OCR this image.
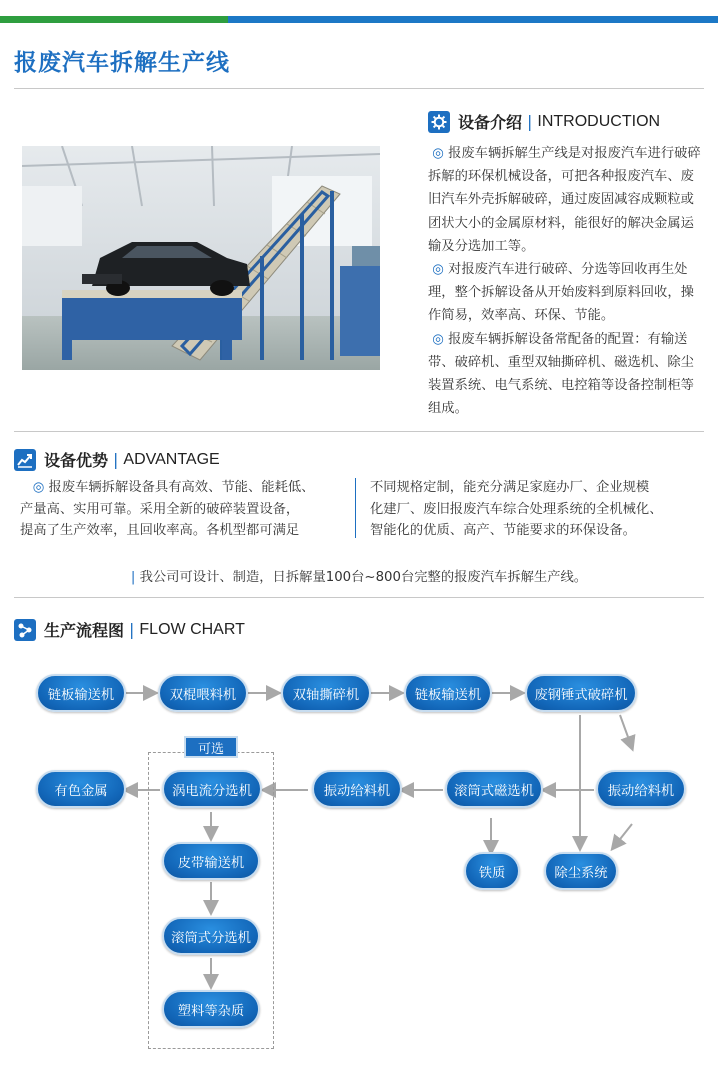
报废汽车拆解生产线
设备介绍 | INTRODUCTION

◎ 报废车辆拆解生产线是对报废汽车进行破碎拆解的环保机械设备，可把各种报废汽车、废旧汽车外壳拆解破碎，通过废固减容成颗粒或团状大小的金属原材料，能很好的解决金属运输及分选加工等。

◎ 对报废汽车进行破碎、分选等回收再生处理，整个拆解设备从开始废料到原料回收，操作简易，效率高、环保、节能。

◎ 报废车辆拆解设备常配备的配置：有输送带、破碎机、重型双轴撕碎机、磁选机、除尘装置系统、电气系统、电控箱等设备控制柜等组成。

设备优势 | ADVANTAGE
◎ 报废车辆拆解设备具有高效、节能、能耗低、
产量高、实用可靠。采用全新的破碎装置设备，
提高了生产效率，且回收率高。各机型都可满足
不同规格定制，能充分满足家庭办厂、企业规模
化建厂、废旧报废汽车综合处理系统的全机械化、
智能化的优质、高产、节能要求的环保设备。
| 我公司可设计、制造，日拆解量100台~800台完整的报废汽车拆解生产线。
生产流程图 | FLOW CHART
可选
链板输送机	双棍喂料机	双轴撕碎机	链板输送机	废钢锤式破碎机
振动给料机
滚筒式磁选机
振动给料机
涡电流分选机
有色金属
铁质	除尘系统
皮带输送机
滚筒式分选机
塑料等杂质
